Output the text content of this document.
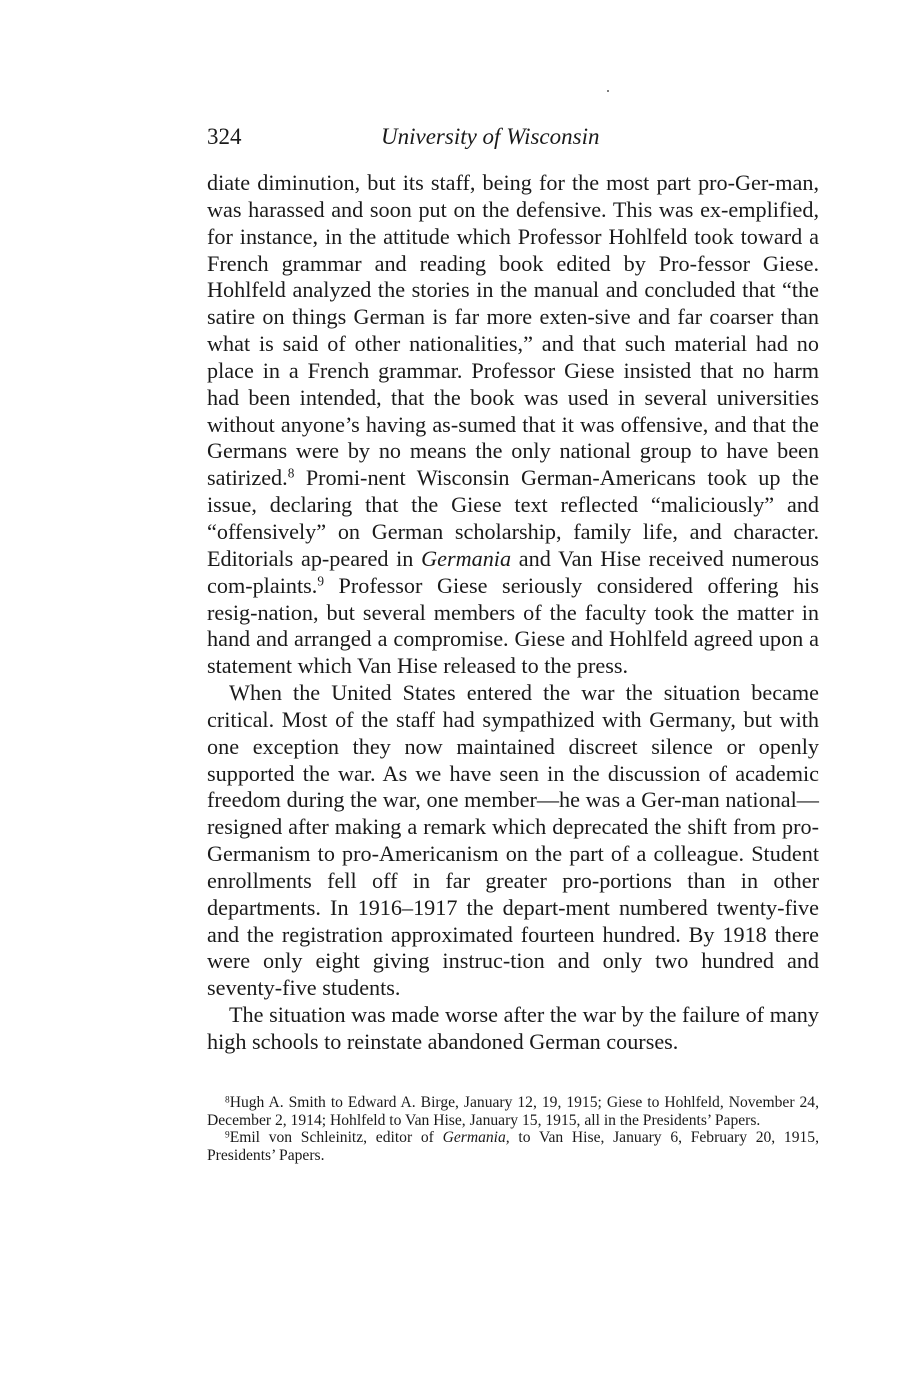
324	University of Wisconsin

diate diminution, but its staff, being for the most part pro-Ger-man, was harassed and soon put on the defensive. This was ex-emplified, for instance, in the attitude which Professor Hohlfeld took toward a French grammar and reading book edited by Pro-fessor Giese. Hohlfeld analyzed the stories in the manual and concluded that “the satire on things German is far more exten-sive and far coarser than what is said of other nationalities,” and that such material had no place in a French grammar. Professor Giese insisted that no harm had been intended, that the book was used in several universities without anyone’s having as-sumed that it was offensive, and that the Germans were by no means the only national group to have been satirized.$^8$ Promi-nent Wisconsin German-Americans took up the issue, declaring that the Giese text reflected “maliciously” and “offensively” on German scholarship, family life, and character. Editorials ap-peared in Germania and Van Hise received numerous com-plaints.$^9$ Professor Giese seriously considered offering his resig-nation, but several members of the faculty took the matter in hand and arranged a compromise. Giese and Hohlfeld agreed upon a statement which Van Hise released to the press.

When the United States entered the war the situation became critical. Most of the staff had sympathized with Germany, but with one exception they now maintained discreet silence or openly supported the war. As we have seen in the discussion of academic freedom during the war, one member—he was a Ger-man national—resigned after making a remark which deprecated the shift from pro-Germanism to pro-Americanism on the part of a colleague. Student enrollments fell off in far greater pro-portions than in other departments. In 1916–1917 the depart-ment numbered twenty-five and the registration approximated fourteen hundred. By 1918 there were only eight giving instruc-tion and only two hundred and seventy-five students.

The situation was made worse after the war by the failure of many high schools to reinstate abandoned German courses.

$^8$Hugh A. Smith to Edward A. Birge, January 12, 19, 1915; Giese to Hohlfeld, November 24, December 2, 1914; Hohlfeld to Van Hise, January 15, 1915, all in the Presidents’ Papers.

$^9$Emil von Schleinitz, editor of Germania, to Van Hise, January 6, February 20, 1915, Presidents’ Papers.
